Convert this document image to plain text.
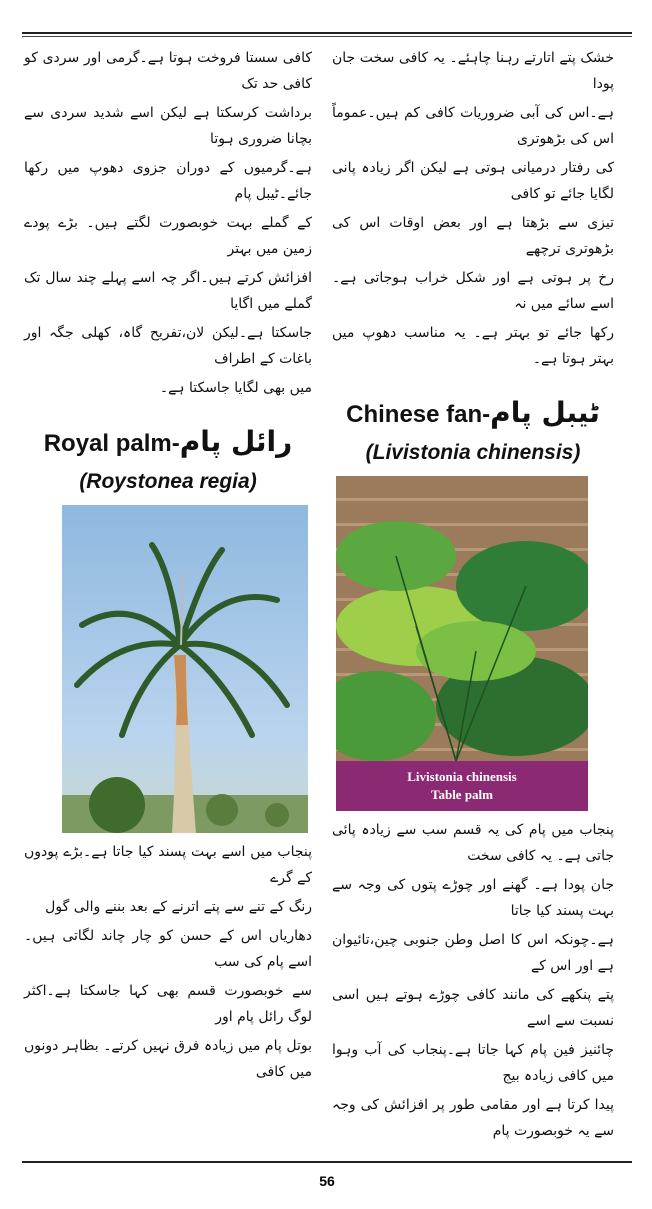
کافی سستا فروخت ہوتا ہے۔گرمی اور سردی کو کافی حد تک
برداشت کرسکتا ہے لیکن اسے شدید سردی سے بچانا ضروری ہوتا
ہے۔گرمیوں کے دوران جزوی دھوپ میں رکھا جائے۔ٹیبل پام
کے گملے بہت خوبصورت لگتے ہیں۔ بڑے پودے زمین میں بہتر
افزائش کرتے ہیں۔اگر چہ اسے پہلے چند سال تک گملے میں اگایا
جاسکتا ہے۔لیکن لان،تفریح گاہ، کھلی جگہ اور باغات کے اطراف
میں بھی لگایا جاسکتا ہے۔
Royal palm-رائل پام
(Roystonea regia)
پنجاب میں اسے بہت پسند کیا جاتا ہے۔بڑے پودوں کے گرے
رنگ کے تنے سے پتے اترنے کے بعد بننے والی گول
دھاریاں اس کے حسن کو چار چاند لگاتی ہیں۔اسے پام کی سب
سے خوبصورت قسم بھی کہا جاسکتا ہے۔اکثر لوگ رائل پام اور
بوتل پام میں زیادہ فرق نہیں کرتے۔ بظاہر دونوں میں کافی
خشک پتے اتارتے رہنا چاہئے۔ یہ کافی سخت جان پودا
ہے۔اس کی آبی ضروریات کافی کم ہیں۔عموماً اس کی بڑھوتری
کی رفتار درمیانی ہوتی ہے لیکن اگر زیادہ پانی لگایا جائے تو کافی
تیزی سے بڑھتا ہے اور بعض اوقات اس کی بڑھوتری ترچھے
رخ پر ہوتی ہے اور شکل خراب ہوجاتی ہے۔اسے سائے میں نہ
رکھا جائے تو بہتر ہے۔ یہ مناسب دھوپ میں بہتر ہوتا ہے۔
Chinese fan-ٹیبل پام
(Livistonia chinensis)
Livistonia chinensis
Table palm
پنجاب میں پام کی یہ قسم سب سے زیادہ پائی جاتی ہے۔ یہ کافی سخت
جان پودا ہے۔ گھنے اور چوڑے پتوں کی وجہ سے بہت پسند کیا جاتا
ہے۔چونکہ اس کا اصل وطن جنوبی چین،تائیوان ہے اور اس کے
پتے پنکھے کی مانند کافی چوڑے ہوتے ہیں اسی نسبت سے اسے
چائنیز فین پام کہا جاتا ہے۔پنجاب کی آب وہوا میں کافی زیادہ بیج
پیدا کرتا ہے اور مقامی طور پر افزائش کی وجہ سے یہ خوبصورت پام
56
